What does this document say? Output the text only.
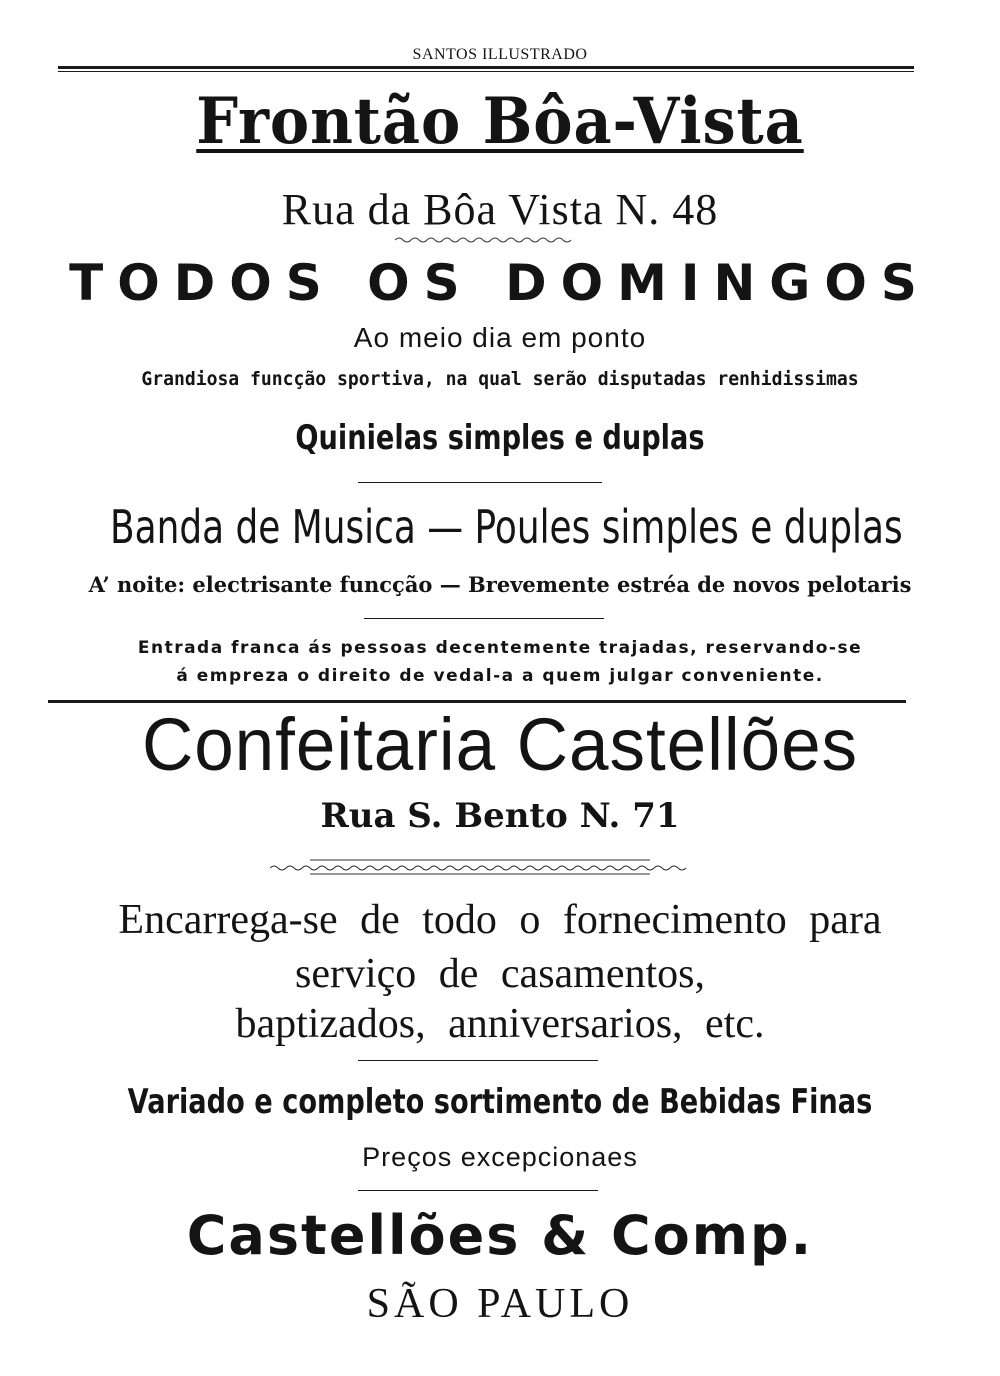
SANTOS ILLUSTRADO
Frontão Bôa-Vista
Rua da Bôa Vista N. 48
TODOS OS DOMINGOS
Ao meio dia em ponto
Grandiosa funcção sportiva, na qual serão disputadas renhidissimas
Quinielas simples e duplas
Banda de Musica — Poules simples e duplas
A’ noite: electrisante funcção — Brevemente estréa de novos pelotaris
Entrada franca ás pessoas decentemente trajadas, reservando-se
á empreza o direito de vedal-a a quem julgar conveniente.
Confeitaria Castellões
Rua S. Bento N. 71
Encarrega-se de todo o fornecimento para
serviço de casamentos,
baptizados, anniversarios, etc.
Variado e completo sortimento de Bebidas Finas
Preços excepcionaes
Castellões & Comp.
SÃO PAULO
